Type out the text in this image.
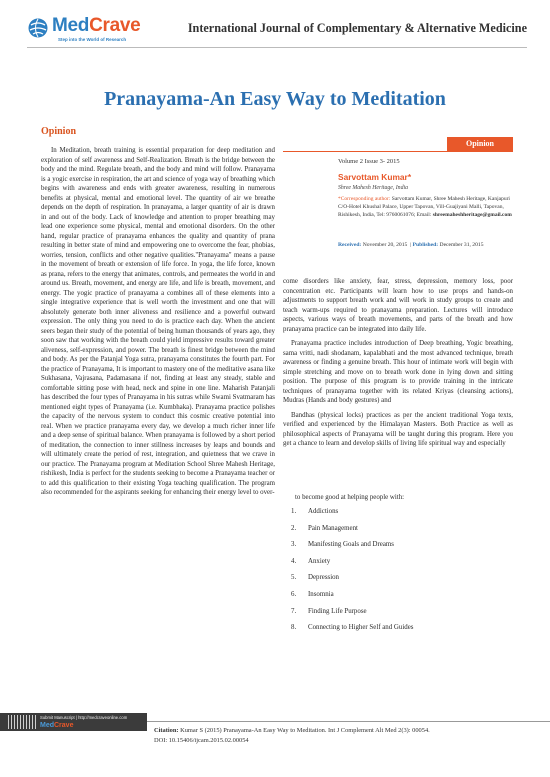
MedCrave
Step into the World of Research
International Journal of Complementary & Alternative Medicine
Pranayama-An Easy Way to Meditation
Opinion
Opinion
Volume 2 Issue 3- 2015
Sarvottam Kumar*
Shree Mahesh Heritage, India
*Corresponding author: Sarvottam Kumar, Shree Mahesh Heritage, Kanjapuri C/O-Hotel Khushal Palace, Upper Tapovan, Vill-Guajiyani Malli, Tapovan, Rishikesh, India, Tel: 9760061076; Email: shreemaheshheritage@gmail.com
Received: November 20, 2015  | Published: December 31, 2015

In Meditation, breath training is essential preparation for deep meditation and exploration of self awareness and Self-Realization. Breath is the bridge between the body and the mind. Regulate breath, and the body and mind will follow. Pranayama is a yogic exercise in respiration, the art and science of yoga way of breathing which begins with awareness and ends with greater awareness, resulting in numerous benefits at physical, mental and emotional level. The quantity of air we breathe depends on the depth of respiration. In pranayama, a larger quantity of air is drawn in and out of the body. Lack of knowledge and attention to proper breathing may lead one experience some physical, mental and emotional disorders. On the other hand, regular practice of pranayama enhances the quality and quantity of prana resulting in better state of mind and empowering one to overcome the fear, phobias, worries, tension, conflicts and other negative qualities."Pranayama" means a pause in the movement of breath or extension of life force. In yoga, the life force, known as prana, refers to the energy that animates, controls, and permeates the world in and around us. Breath, movement, and energy are life, and life is breath, movement, and energy. The yogic practice of pranayama a combines all of these elements into a single integrative experience that is well worth the investment and one that will absolutely generate both inner aliveness and resilience and a powerful outward expression. The only thing you need to do is practice each day. When the ancient seers began their study of the potential of being human thousands of years ago, they soon saw that working with the breath could yield impressive results toward greater aliveness, self-expression, and power. The breath is finest bridge between the mind and body. As per the Patanjal Yoga sutra, pranayama constitutes the fourth part. For the practice of Pranayama, It is important to mastery one of the meditative asana like Sukhasana, Vajrasana, Padamasana if not, finding at least any steady, stable and comfortable sitting pose with head, neck and spine in one line. Maharish Patanjali has described the four types of Pranayama in his sutras while Swami Svatmaram has mentioned eight types of Pranayama (i.e. Kumbhaka). Pranayama practice polishes the capacity of the nervous system to conduct this cosmic creative potential into real. When we practice pranayama every day, we develop a much richer inner life and a deep sense of spiritual balance. When pranayama is followed by a short period of meditation, the connection to inner stillness increases by leaps and bounds and will ultimately create the period of rest, integration, and quietness that we crave in our practice. The Pranayama program at Meditation School Shree Mahesh Heritage, rishikesh, India is perfect for the students seeking to become a Pranayama teacher or to add this qualification to their existing Yoga teaching qualification. The program also recommended for the aspirants seeking for enhancing their energy level to over-

come disorders like anxiety, fear, stress, depression, memory loss, poor concentration etc. Participants will learn how to use props and hands-on adjustments to support breath work and will work in study groups to create and teach warm-ups required to pranayama preparation. Lectures will introduce aspects, various ways of breath movements, and parts of the breath and how pranayama practice can be integrated into daily life.

Pranayama practice includes introduction of Deep breathing, Yogic breathing, sama vritti, nadi shodanam, kapalabhati and the most advanced technique, breath awareness or finding a genuine breath. This hour of intimate work will begin with simple stretching and move on to breath work done in lying down and sitting position. The purpose of this program is to provide training in the intricate techniques of pranayama together with its related Kriyas (cleansing actions), Mudras (Hands and body gestures) and

Bandhas (physical locks) practices as per the ancient traditional Yoga texts, verified and experienced by the Himalayan Masters. Both Practice as well as philosophical aspects of Pranayama will be taught during this program. Here you get a chance to learn and develop skills of living life spiritual way and especially

to become good at helping people with:
1. Addictions
2. Pain Management
3. Manifesting Goals and Dreams
4. Anxiety
5. Depression
6. Insomnia
7. Finding Life Purpose
8. Connecting to Higher Self and Guides
Submit Manuscript | http://medcraveonline.com
MedCrave
Citation: Kumar S (2015) Pranayama-An Easy Way to Meditation. Int J Complement Alt Med 2(3): 00054.
DOI: 10.15406/ijcam.2015.02.00054
